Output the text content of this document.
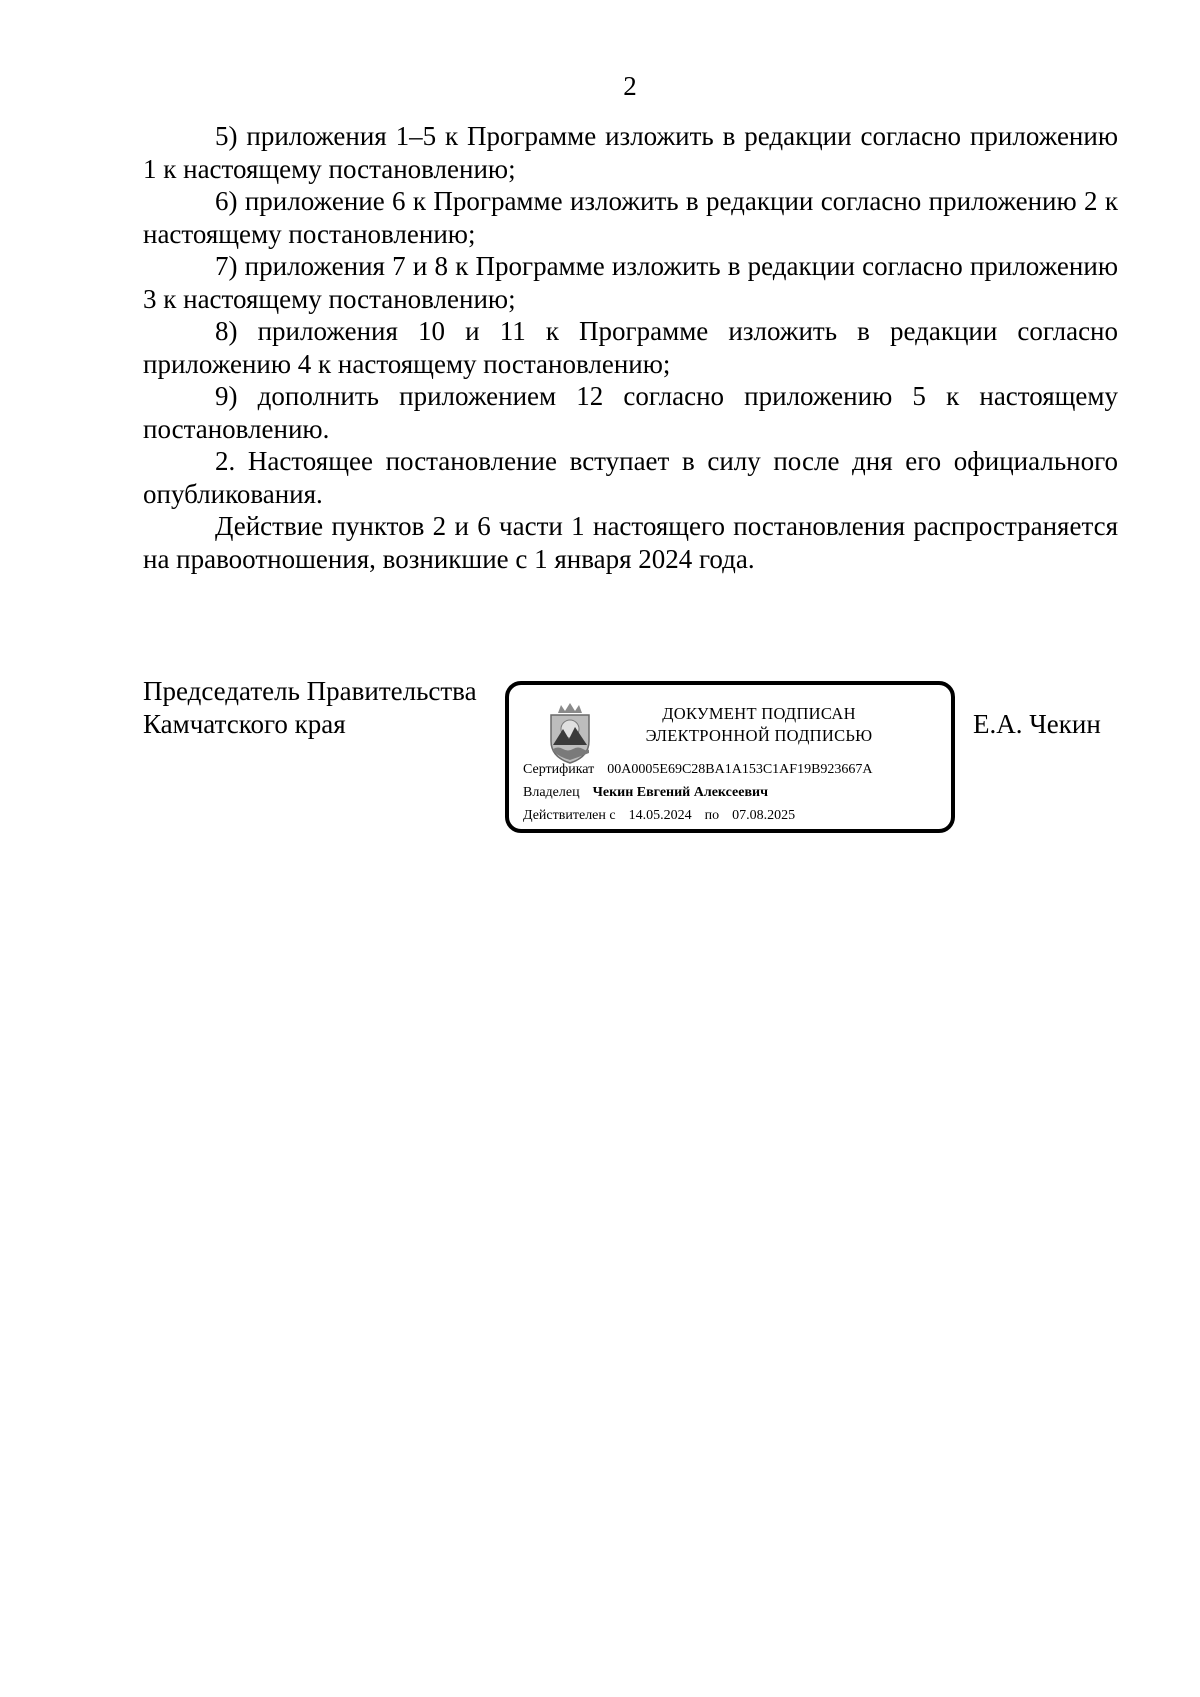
2

5) приложения 1–5 к Программе изложить в редакции согласно приложению 1 к настоящему постановлению;

6) приложение 6 к Программе изложить в редакции согласно приложению 2 к настоящему постановлению;

7) приложения 7 и 8 к Программе изложить в редакции согласно приложению 3 к настоящему постановлению;

8) приложения 10 и 11 к Программе изложить в редакции согласно приложению 4 к настоящему постановлению;

9) дополнить приложением 12 согласно приложению 5 к настоящему постановлению.

2. Настоящее постановление вступает в силу после дня его официального опубликования.

Действие пунктов 2 и 6 части 1 настоящего постановления распространяется на правоотношения, возникшие с 1 января 2024 года.

Председатель Правительства
Камчатского края	ДОКУМЕНТ ПОДПИСАН
ЭЛЕКТРОННОЙ ПОДПИСЬЮ
Сертификат 00A0005E69C28BA1A153C1AF19B923667A
Владелец Чекин Евгений Алексеевич
Действителен с 14.05.2024 по 07.08.2025
Е.А. Чекин
